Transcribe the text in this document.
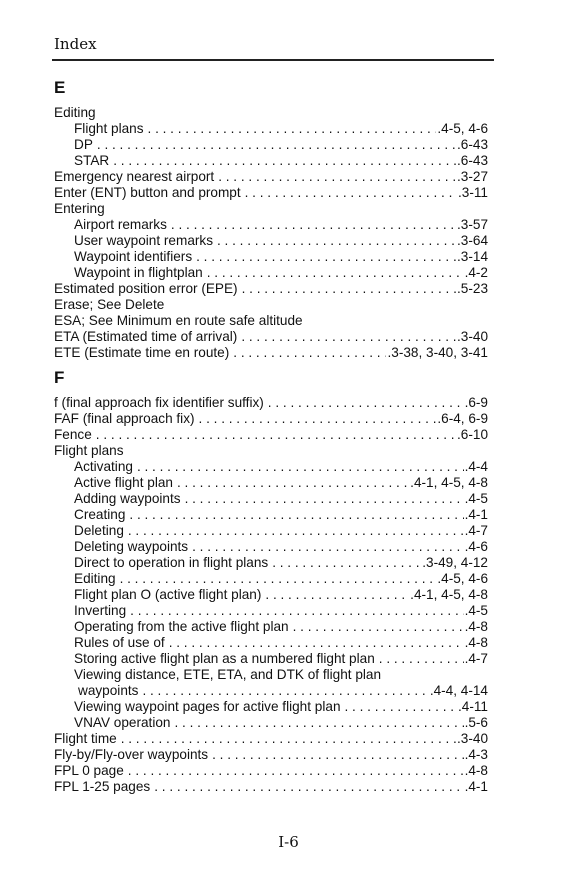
Index
E
Editing
Flight plans . . .	.4-5, 4-6
DP . . .	.6-43
STAR . . .	.6-43
Emergency nearest airport . . .	.3-27
Enter (ENT) button and prompt . . .	.3-11
Entering
Airport remarks . . .	.3-57
User waypoint remarks . . .	.3-64
Waypoint identifiers . . .	.3-14
Waypoint in flightplan . . .	.4-2
Estimated position error (EPE) . . .	.5-23
Erase; See Delete
ESA; See Minimum en route safe altitude
ETA (Estimated time of arrival) . . .	.3-40
ETE (Estimate time en route) . . .	.3-38, 3-40, 3-41
F
f (final approach fix identifier suffix) . . .	.6-9
FAF (final approach fix) . . .	.6-4, 6-9
Fence . . .	.6-10
Flight plans
Activating . . .	.4-4
Active flight plan . . .	.4-1, 4-5, 4-8
Adding waypoints . . .	.4-5
Creating . . .	.4-1
Deleting . . .	.4-7
Deleting waypoints . . .	.4-6
Direct to operation in flight plans . . .	.3-49, 4-12
Editing . . .	.4-5, 4-6
Flight plan O (active flight plan) . . .	.4-1, 4-5, 4-8
Inverting . . .	.4-5
Operating from the active flight plan . . .	.4-8
Rules of use of . . .	.4-8
Storing active flight plan as a numbered flight plan . . .	.4-7
Viewing distance, ETE, ETA, and DTK of flight plan
waypoints . . .	.4-4, 4-14
Viewing waypoint pages for active flight plan . . .	.4-11
VNAV operation . . .	.5-6
Flight time . . .	.3-40
Fly-by/Fly-over waypoints . . .	.4-3
FPL 0 page . . .	.4-8
FPL 1-25 pages . . .	.4-1
I-6
